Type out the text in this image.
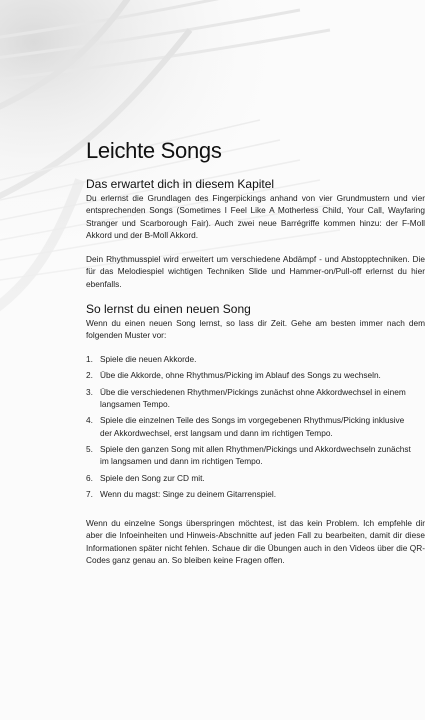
Leichte Songs
Das erwartet dich in diesem Kapitel

Du erlernst die Grundlagen des Fingerpickings anhand von vier Grundmustern und vier entsprechenden Songs (Sometimes I Feel Like A Motherless Child, Your Call, Wayfaring Stranger und Scarborough Fair). Auch zwei neue Barrégriffe kommen hinzu: der F-Moll Akkord und der B-Moll Akkord.

Dein Rhythmusspiel wird erweitert um verschiedene Abdämpf - und Abstopptechniken. Die für das Melodiespiel wichtigen Techniken Slide und Hammer-on/Pull-off erlernst du hier ebenfalls.

So lernst du einen neuen Song

Wenn du einen neuen Song lernst, so lass dir Zeit. Gehe am besten immer nach dem folgenden Muster vor:

1. Spiele die neuen Akkorde.
2. Übe die Akkorde, ohne Rhythmus/Picking im Ablauf des Songs zu wechseln.
3. Übe die verschiedenen Rhythmen/Pickings zunächst ohne Akkordwechsel in einem langsamen Tempo.
4. Spiele die einzelnen Teile des Songs im vorgegebenen Rhythmus/Picking inklusive der Akkordwechsel, erst langsam und dann im richtigen Tempo.
5. Spiele den ganzen Song mit allen Rhythmen/Pickings und Akkordwechseln zunächst im langsamen und dann im richtigen Tempo.
6. Spiele den Song zur CD mit.
7. Wenn du magst: Singe zu deinem Gitarrenspiel.

Wenn du einzelne Songs überspringen möchtest, ist das kein Problem. Ich empfehle dir aber die Infoeinheiten und Hinweis-Abschnitte auf jeden Fall zu bearbeiten, damit dir diese Informationen später nicht fehlen. Schaue dir die Übungen auch in den Videos über die QR-Codes ganz genau an. So bleiben keine Fragen offen.
